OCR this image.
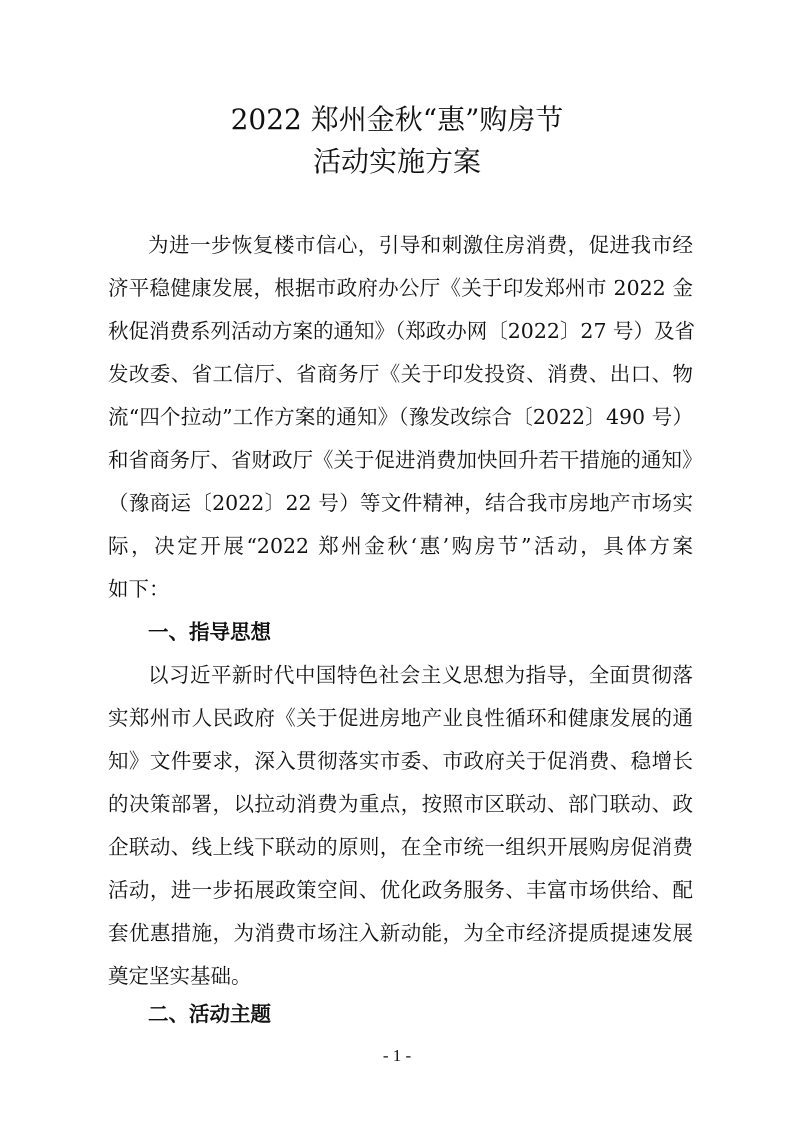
2022 郑州金秋“惠”购房节
活动实施方案
为进一步恢复楼市信心，引导和刺激住房消费，促进我市经
济平稳健康发展，根据市政府办公厅《关于印发郑州市 2022 金
秋促消费系列活动方案的通知》（郑政办网〔2022〕27 号）及省
发改委、省工信厅、省商务厅《关于印发投资、消费、出口、物
流“四个拉动”工作方案的通知》（豫发改综合〔2022〕490 号）
和省商务厅、省财政厅《关于促进消费加快回升若干措施的通知》
（豫商运〔2022〕22 号）等文件精神，结合我市房地产市场实
际，决定开展“2022 郑州金秋‘惠’购房节”活动，具体方案
如下：
一、指导思想
以习近平新时代中国特色社会主义思想为指导，全面贯彻落
实郑州市人民政府《关于促进房地产业良性循环和健康发展的通
知》文件要求，深入贯彻落实市委、市政府关于促消费、稳增长
的决策部署，以拉动消费为重点，按照市区联动、部门联动、政
企联动、线上线下联动的原则，在全市统一组织开展购房促消费
活动，进一步拓展政策空间、优化政务服务、丰富市场供给、配
套优惠措施，为消费市场注入新动能，为全市经济提质提速发展
奠定坚实基础。
二、活动主题
- 1 -
